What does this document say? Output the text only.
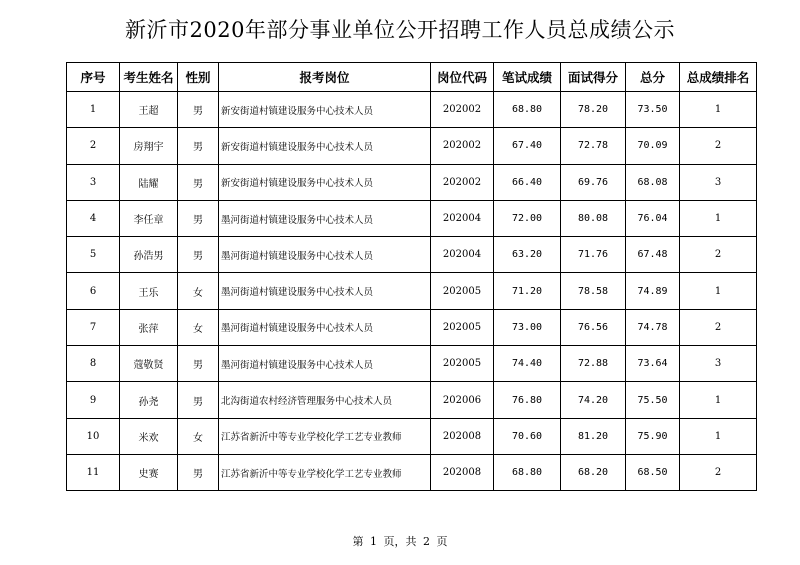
新沂市2020年部分事业单位公开招聘工作人员总成绩公示
序号	考生姓名	性别	报考岗位	岗位代码	笔试成绩	面试得分	总分	总成绩排名
1	王超	男	新安街道村镇建设服务中心技术人员	202002	68.80	78.20	73.50	1
2	房翔宇	男	新安街道村镇建设服务中心技术人员	202002	67.40	72.78	70.09	2
3	陆耀	男	新安街道村镇建设服务中心技术人员	202002	66.40	69.76	68.08	3
4	李任章	男	墨河街道村镇建设服务中心技术人员	202004	72.00	80.08	76.04	1
5	孙浩男	男	墨河街道村镇建设服务中心技术人员	202004	63.20	71.76	67.48	2
6	王乐	女	墨河街道村镇建设服务中心技术人员	202005	71.20	78.58	74.89	1
7	张萍	女	墨河街道村镇建设服务中心技术人员	202005	73.00	76.56	74.78	2
8	蔻敬贤	男	墨河街道村镇建设服务中心技术人员	202005	74.40	72.88	73.64	3
9	孙尧	男	北沟街道农村经济管理服务中心技术人员	202006	76.80	74.20	75.50	1
10	米欢	女	江苏省新沂中等专业学校化学工艺专业教师	202008	70.60	81.20	75.90	1
11	史赛	男	江苏省新沂中等专业学校化学工艺专业教师	202008	68.80	68.20	68.50	2
第 1 页，共 2 页
